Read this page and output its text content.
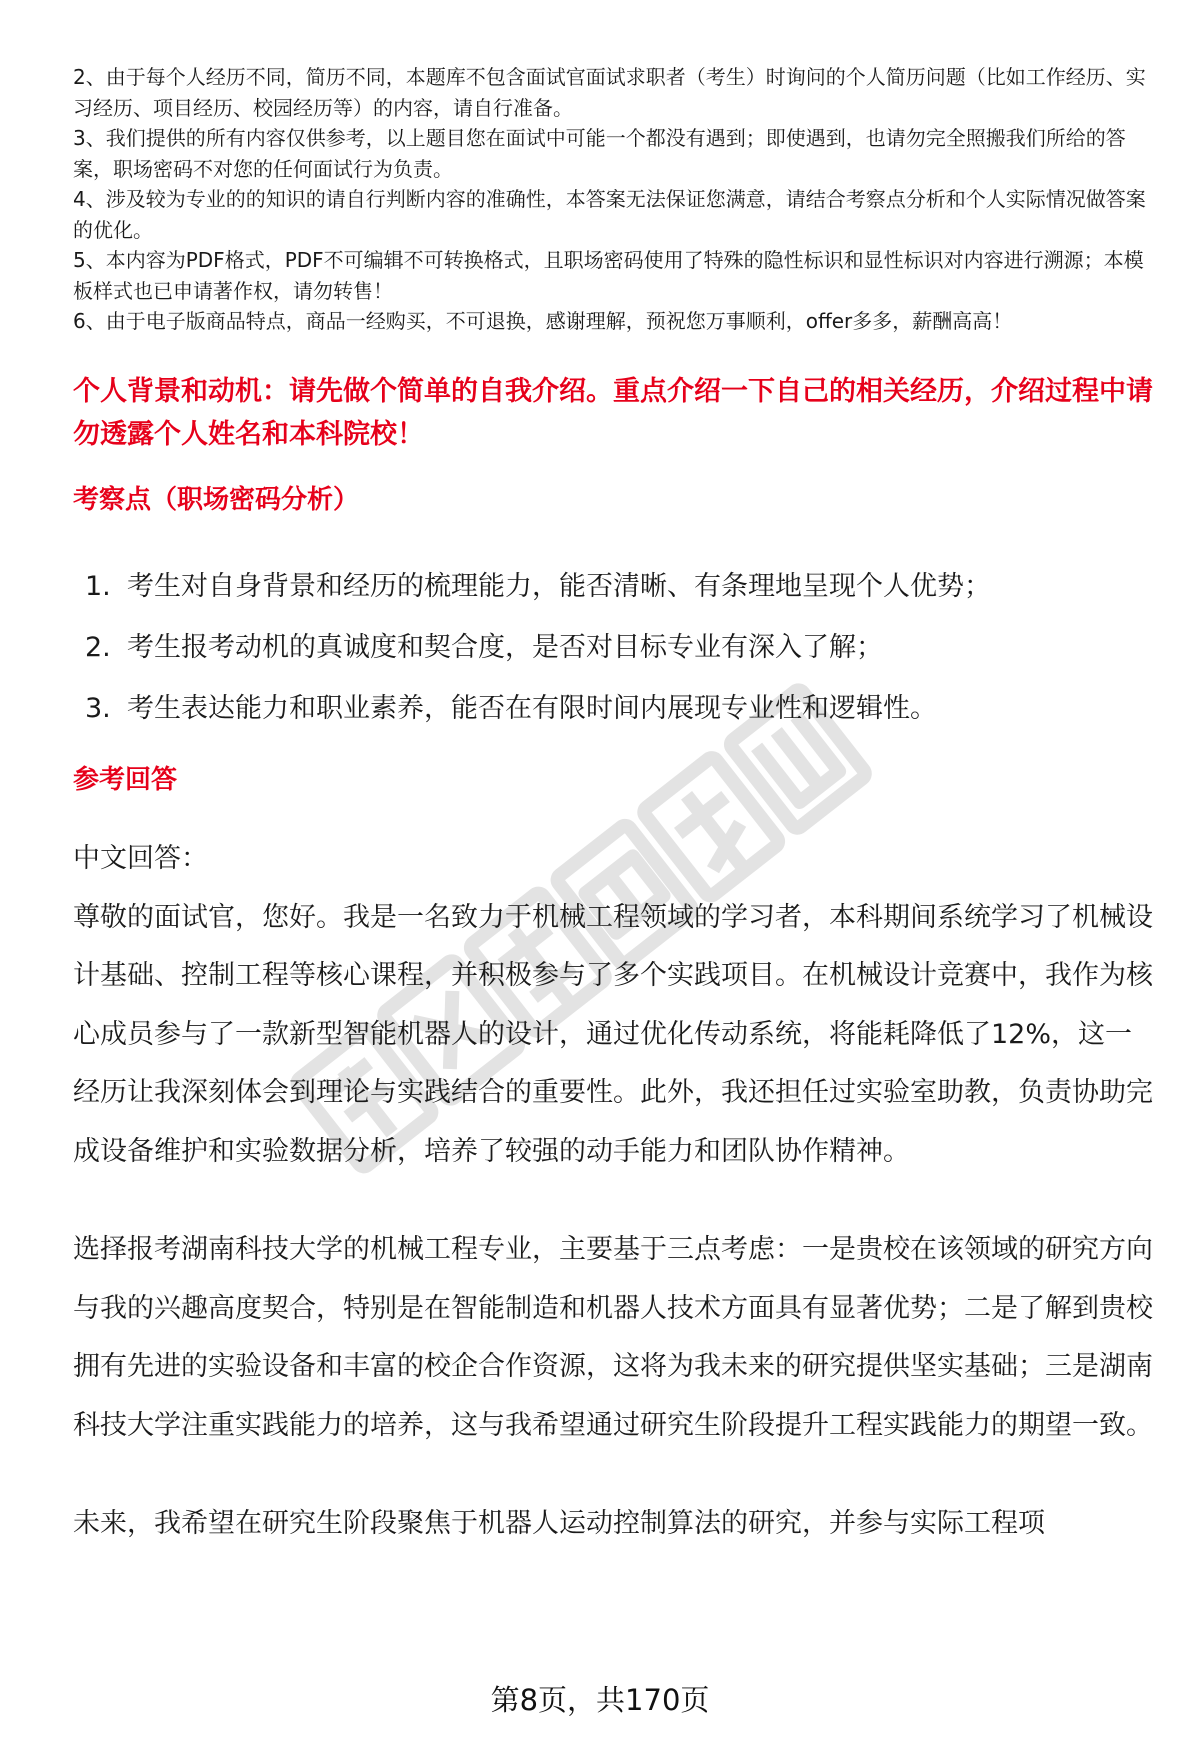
2、由于每个人经历不同，简历不同，本题库不包含面试官面试求职者（考生）时询问的个人简历问题（比如工作经历、实习经历、项目经历、校园经历等）的内容，请自行准备。

3、我们提供的所有内容仅供参考，以上题目您在面试中可能一个都没有遇到；即使遇到，也请勿完全照搬我们所给的答案，职场密码不对您的任何面试行为负责。

4、涉及较为专业的的知识的请自行判断内容的准确性，本答案无法保证您满意，请结合考察点分析和个人实际情况做答案的优化。

5、本内容为PDF格式，PDF不可编辑不可转换格式，且职场密码使用了特殊的隐性标识和显性标识对内容进行溯源；本模板样式也已申请著作权，请勿转售！

6、由于电子版商品特点，商品一经购买，不可退换，感谢理解，预祝您万事顺利，offer多多，薪酬高高！

个人背景和动机：请先做个简单的自我介绍。重点介绍一下自己的相关经历，介绍过程中请勿透露个人姓名和本科院校！
考察点（职场密码分析）
1. 考生对自身背景和经历的梳理能力，能否清晰、有条理地呈现个人优势；
2. 考生报考动机的真诚度和契合度，是否对目标专业有深入了解；
3. 考生表达能力和职业素养，能否在有限时间内展现专业性和逻辑性。
参考回答

中文回答：

尊敬的面试官，您好。我是一名致力于机械工程领域的学习者，本科期间系统学习了机械设计基础、控制工程等核心课程，并积极参与了多个实践项目。在机械设计竞赛中，我作为核心成员参与了一款新型智能机器人的设计，通过优化传动系统，将能耗降低了12%，这一经历让我深刻体会到理论与实践结合的重要性。此外，我还担任过实验室助教，负责协助完成设备维护和实验数据分析，培养了较强的动手能力和团队协作精神。

选择报考湖南科技大学的机械工程专业，主要基于三点考虑：一是贵校在该领域的研究方向与我的兴趣高度契合，特别是在智能制造和机器人技术方面具有显著优势；二是了解到贵校拥有先进的实验设备和丰富的校企合作资源，这将为我未来的研究提供坚实基础；三是湖南科技大学注重实践能力的培养，这与我希望通过研究生阶段提升工程实践能力的期望一致。

未来，我希望在研究生阶段聚焦于机器人运动控制算法的研究，并参与实际工程项

第8页，共170页
